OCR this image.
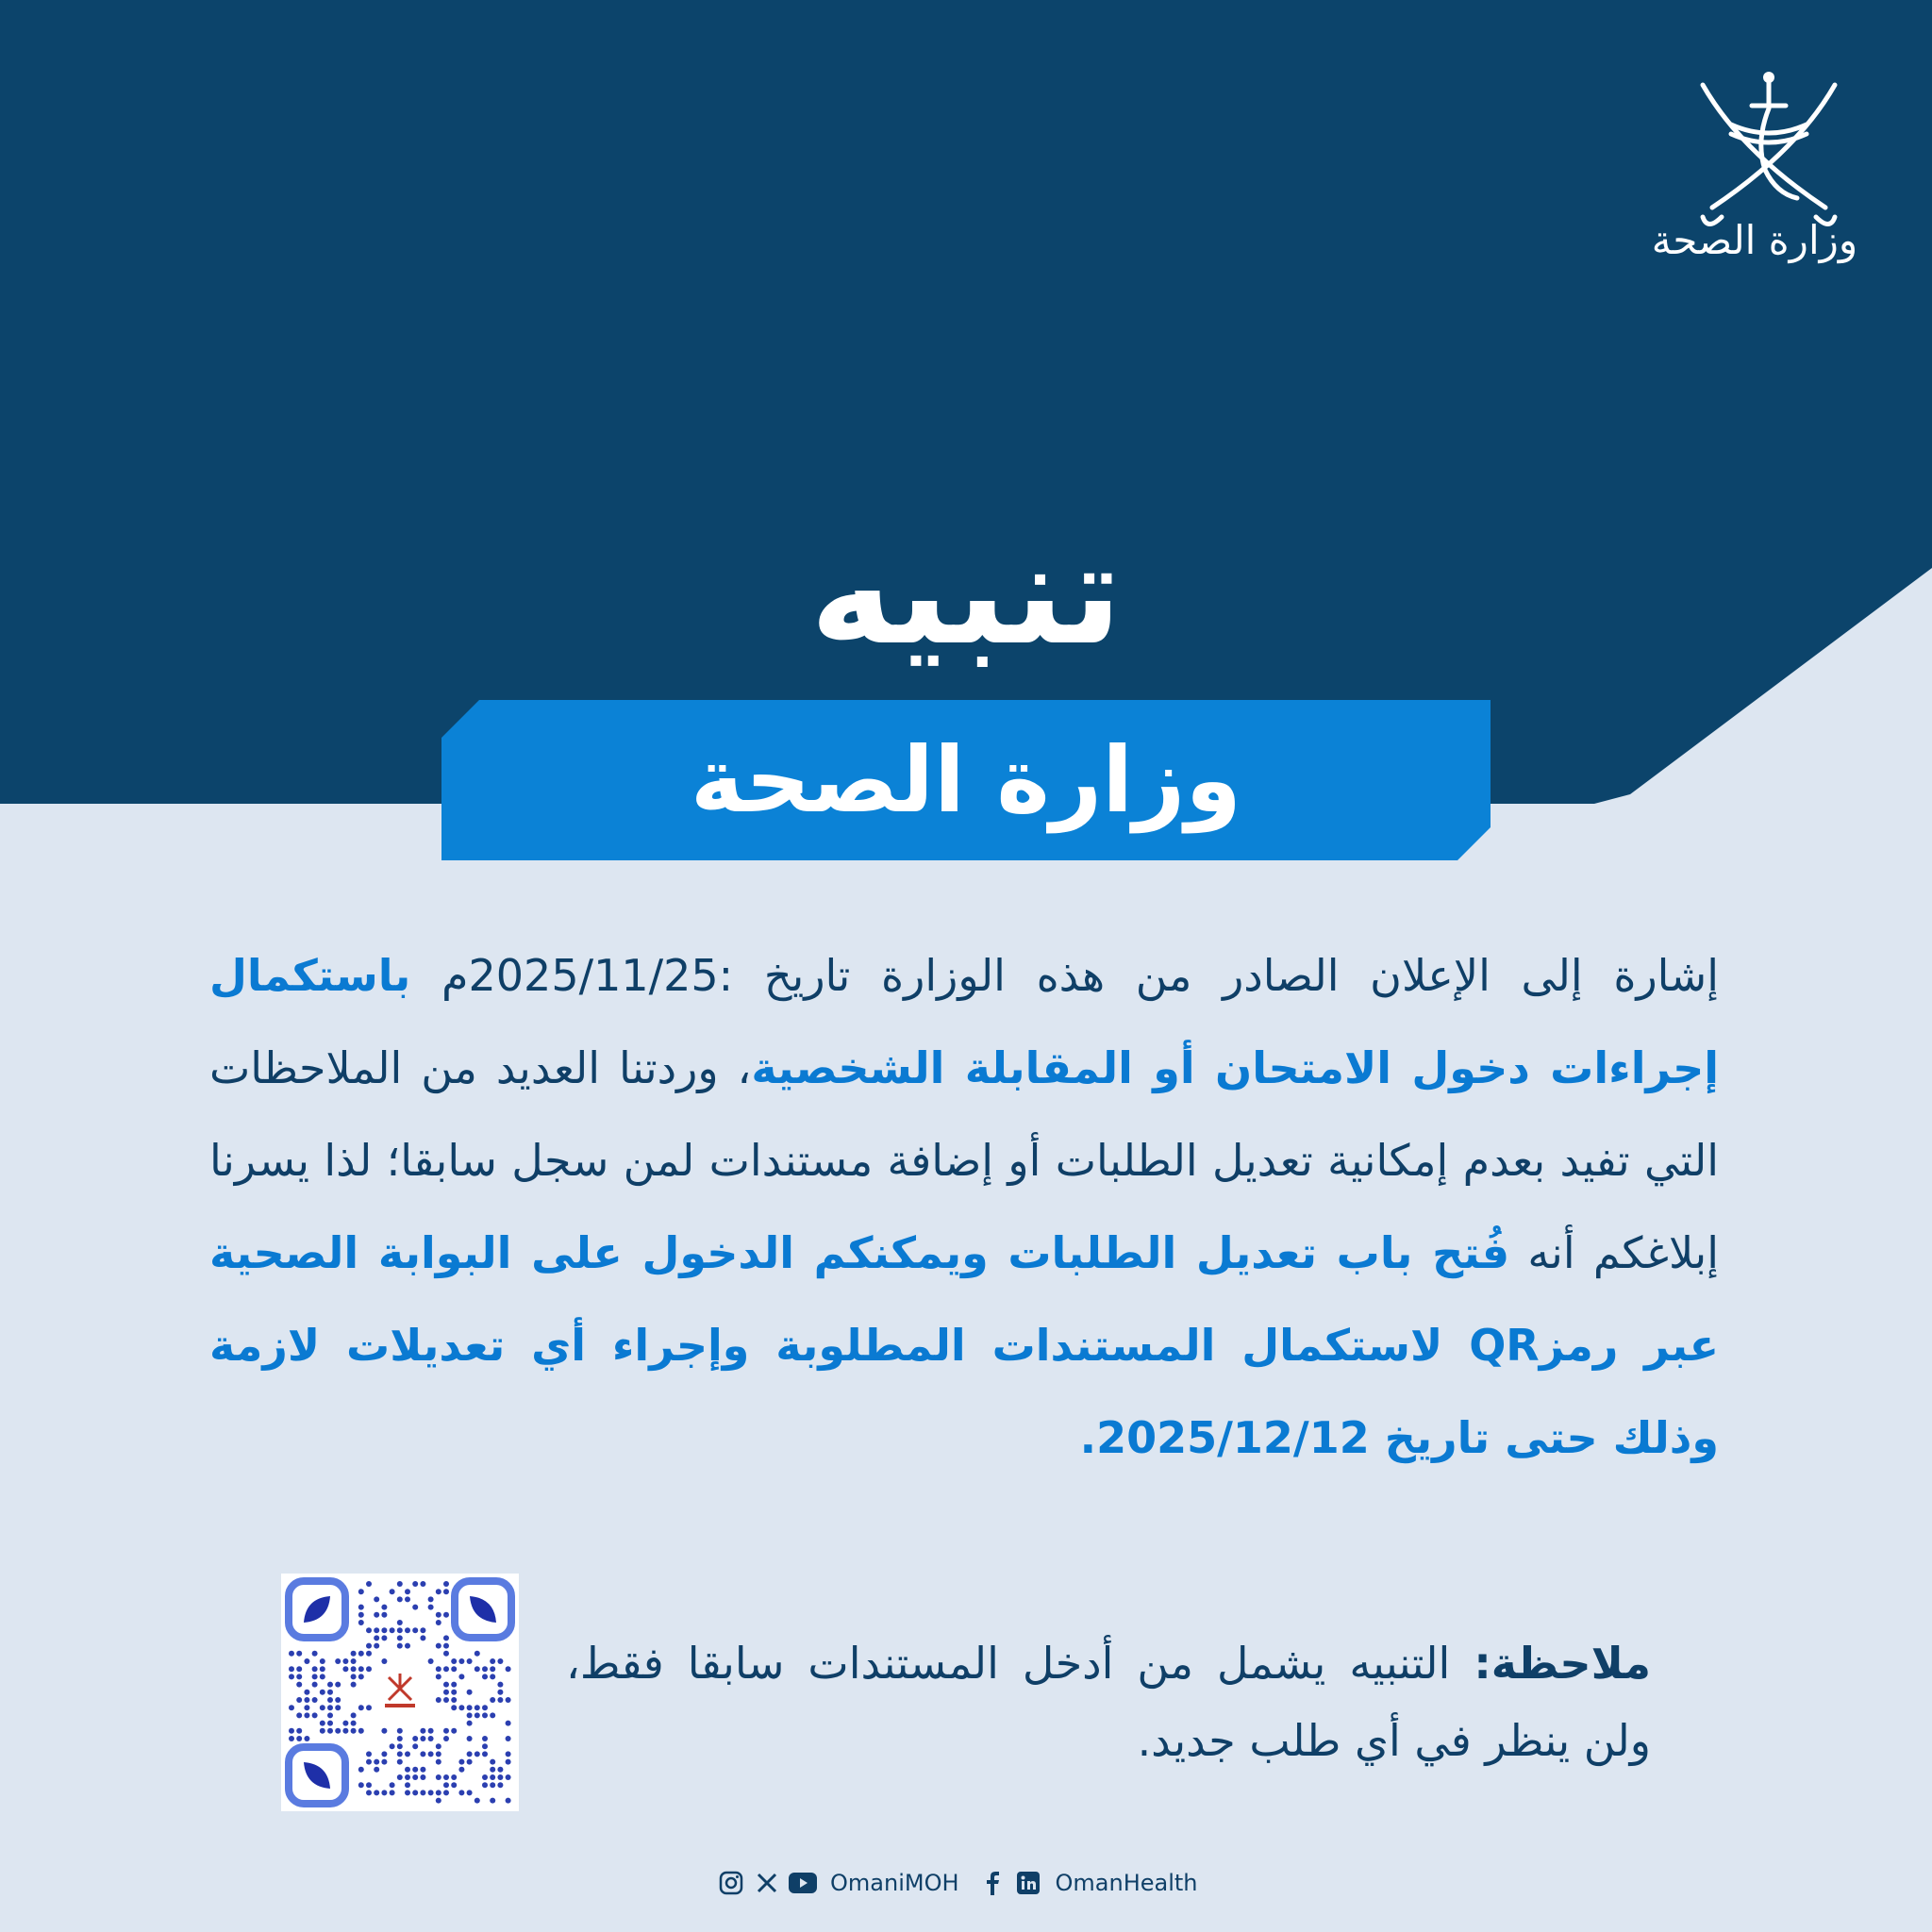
وزارة الصحة
تنبيه
وزارة الصحة
إشارة إلى الإعلان الصادر من هذه الوزارة تاريخ :2025/11/25م باستكمال إجراءات دخول الامتحان أو المقابلة الشخصية، وردتنا العديد من الملاحظات التي تفيد بعدم إمكانية تعديل الطلبات أو إضافة مستندات لمن سجل سابقا؛ لذا يسرنا إبلاغكم أنه فُتح باب تعديل الطلبات ويمكنكم الدخول على البوابة الصحية عبر رمزQR لاستكمال المستندات المطلوبة وإجراء أي تعديلات لازمة وذلك حتى تاريخ 2025/12/12.
ملاحظة: التنبيه يشمل من أدخل المستندات سابقا فقط، ولن ينظر في أي طلب جديد.
OmaniMOH	OmanHealth
